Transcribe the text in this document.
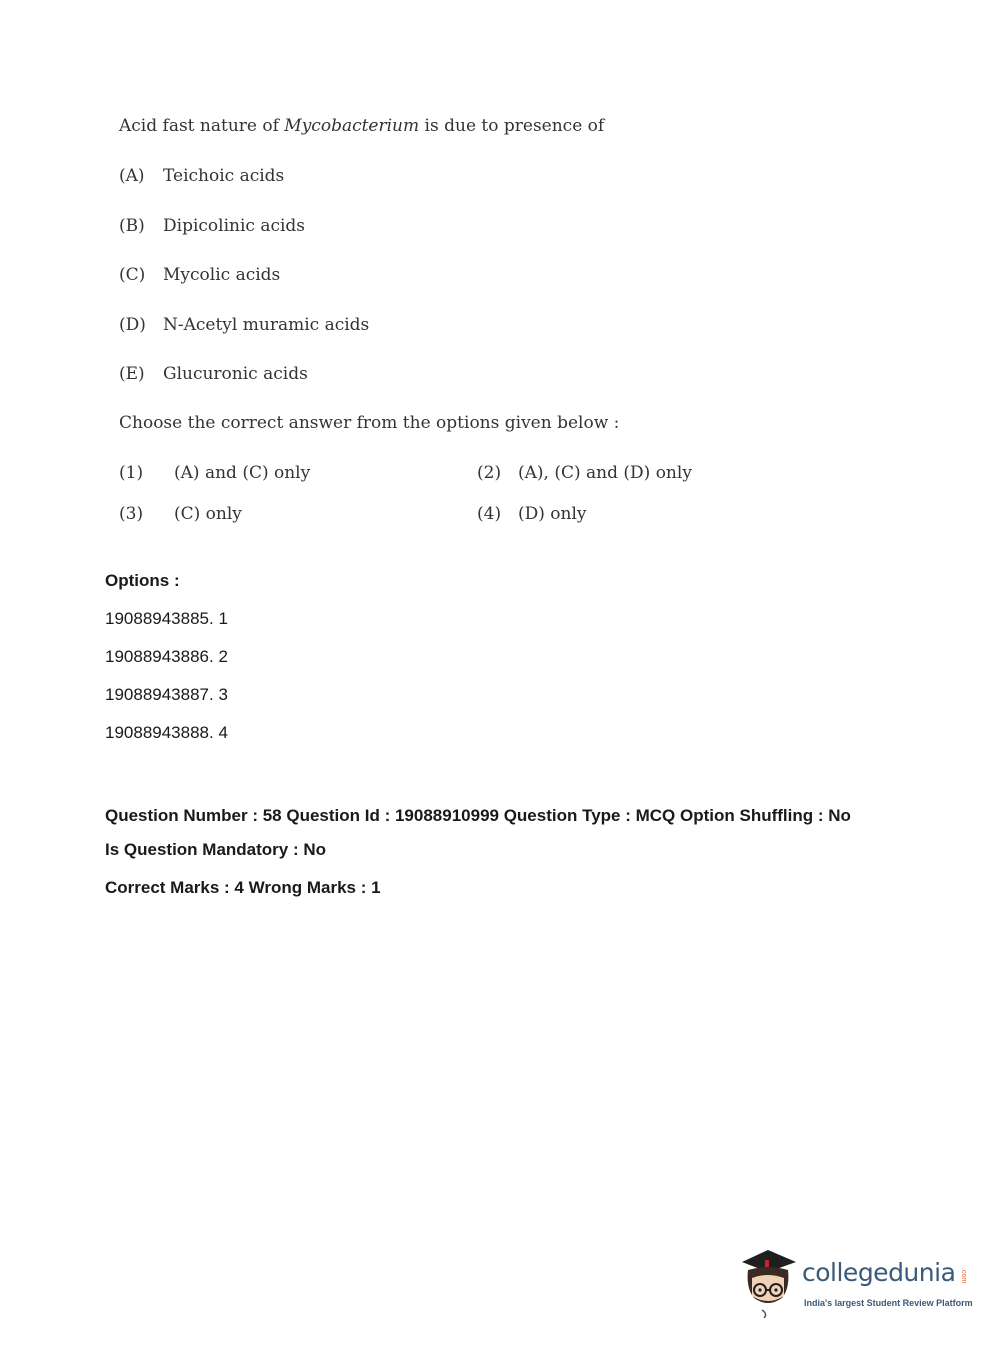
Acid fast nature of Mycobacterium is due to presence of
(A) Teichoic acids
(B) Dipicolinic acids
(C) Mycolic acids
(D) N-Acetyl muramic acids
(E) Glucuronic acids
Choose the correct answer from the options given below :
(1) (A) and (C) only	(2) (A), (C) and (D) only
(3) (C) only	(4) (D) only
Options :
19088943885. 1
19088943886. 2
19088943887. 3
19088943888. 4
Question Number : 58 Question Id : 19088910999 Question Type : MCQ Option Shuffling : No
Is Question Mandatory : No
Correct Marks : 4 Wrong Marks : 1
collegedunia .com
India's largest Student Review Platform
